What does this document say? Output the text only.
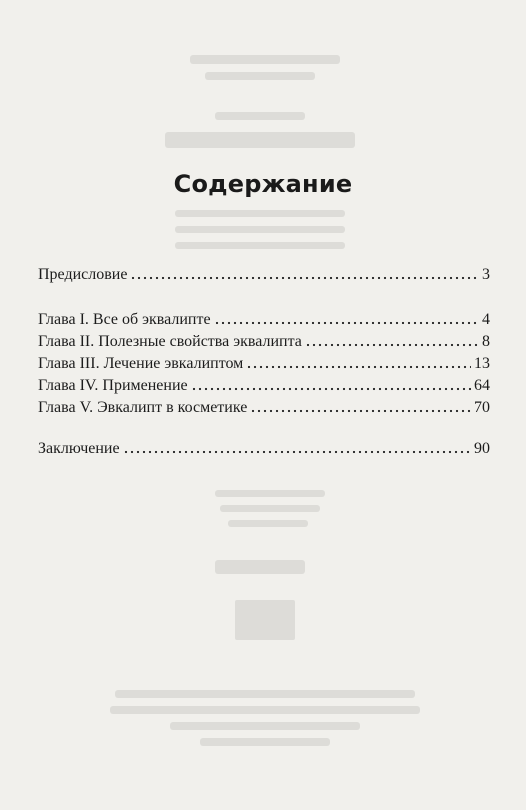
Содержание
Предисловие	3
Глава I. Все об эквалипте	4
Глава II. Полезные свойства эквалипта	8
Глава III. Лечение эвкалиптом	13
Глава IV. Применение	64
Глава V. Эвкалипт в косметике	70
Заключение	90
